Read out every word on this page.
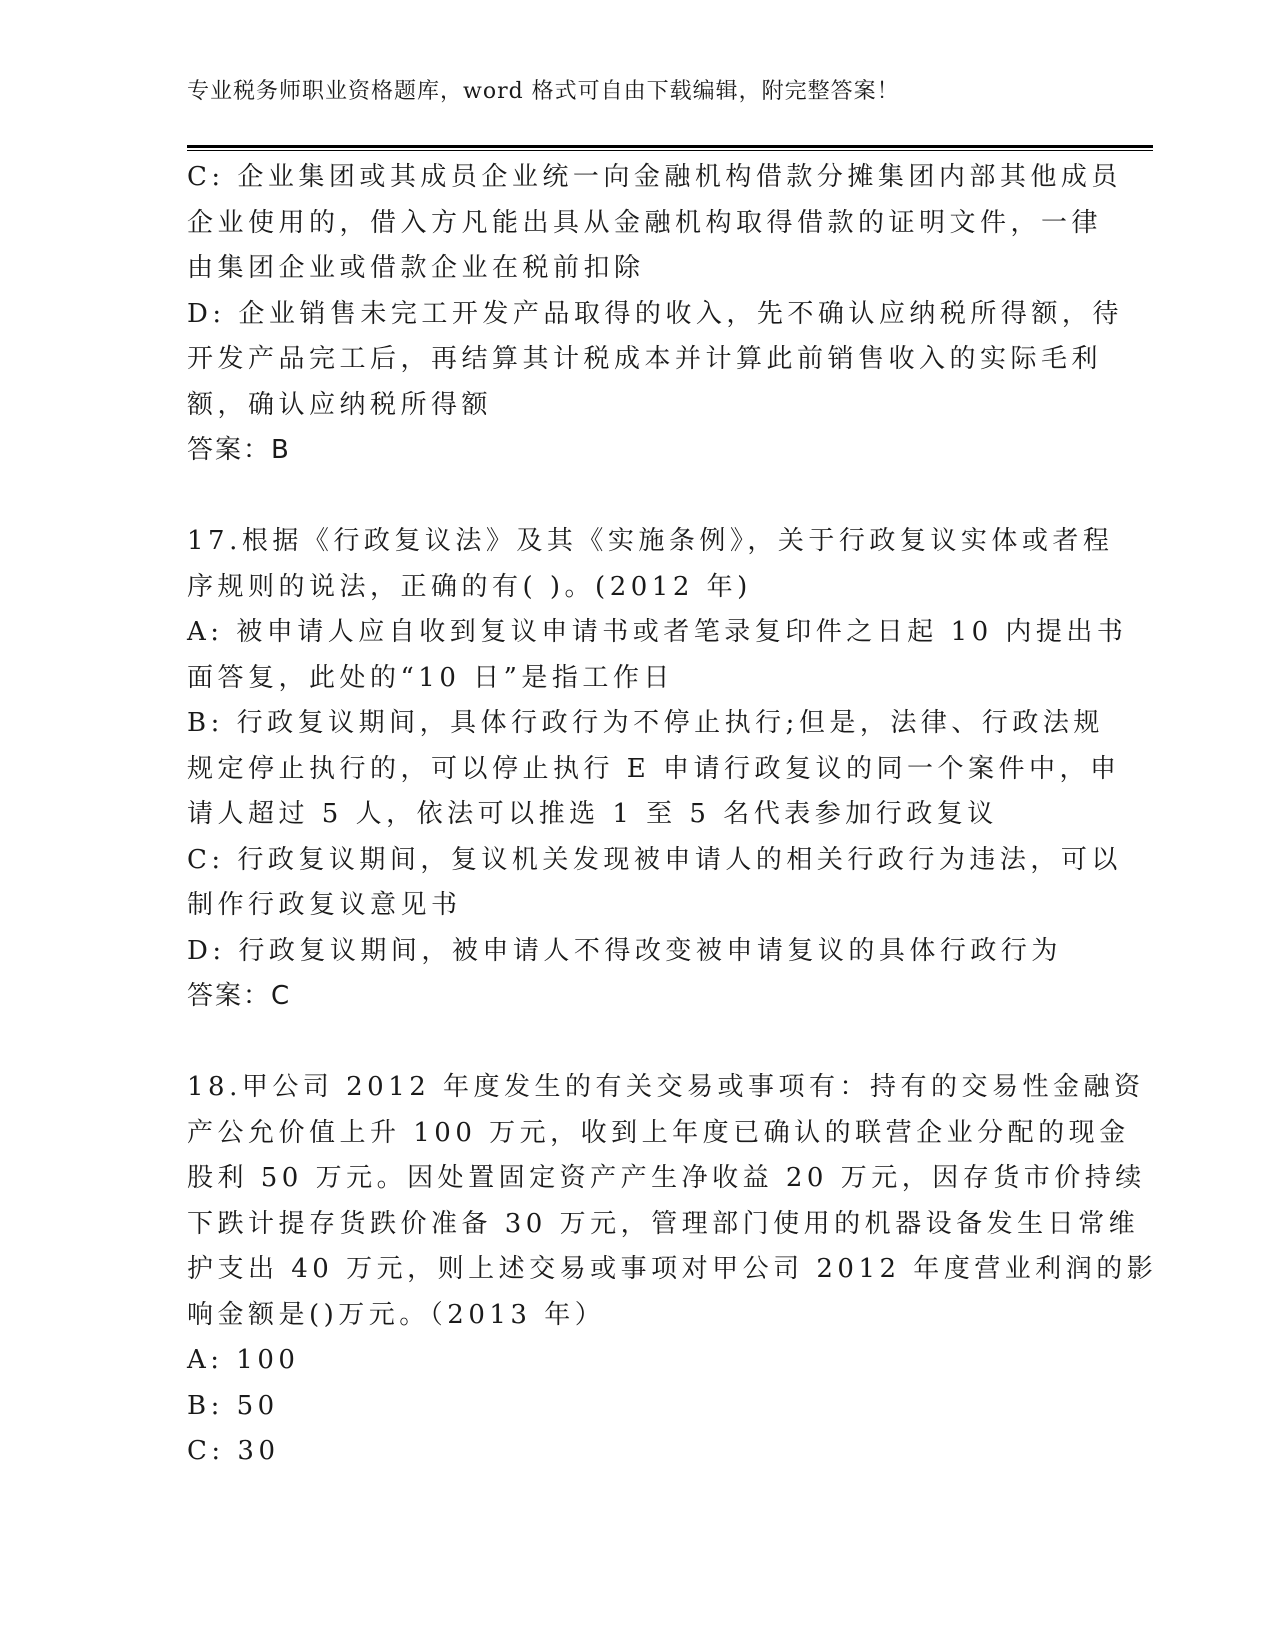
专业税务师职业资格题库，word 格式可自由下载编辑，附完整答案！
C: 企业集团或其成员企业统一向金融机构借款分摊集团内部其他成员
企业使用的，借入方凡能出具从金融机构取得借款的证明文件，一律
由集团企业或借款企业在税前扣除
D: 企业销售未完工开发产品取得的收入，先不确认应纳税所得额，待
开发产品完工后，再结算其计税成本并计算此前销售收入的实际毛利
额，确认应纳税所得额
答案：B
17.根据《行政复议法》及其《实施条例》，关于行政复议实体或者程
序规则的说法，正确的有( )。(2012 年)
A: 被申请人应自收到复议申请书或者笔录复印件之日起 10 内提出书
面答复，此处的“10 日”是指工作日
B: 行政复议期间，具体行政行为不停止执行;但是，法律、行政法规
规定停止执行的，可以停止执行 E 申请行政复议的同一个案件中，申
请人超过 5 人，依法可以推选 1 至 5 名代表参加行政复议
C: 行政复议期间，复议机关发现被申请人的相关行政行为违法，可以
制作行政复议意见书
D: 行政复议期间，被申请人不得改变被申请复议的具体行政行为
答案：C
18.甲公司 2012 年度发生的有关交易或事项有：持有的交易性金融资
产公允价值上升 100 万元，收到上年度已确认的联营企业分配的现金
股利 50 万元。因处置固定资产产生净收益 20 万元，因存货市价持续
下跌计提存货跌价准备 30 万元，管理部门使用的机器设备发生日常维
护支出 40 万元，则上述交易或事项对甲公司 2012 年度营业利润的影
响金额是()万元。（2013 年）
A: 100
B: 50
C: 30
